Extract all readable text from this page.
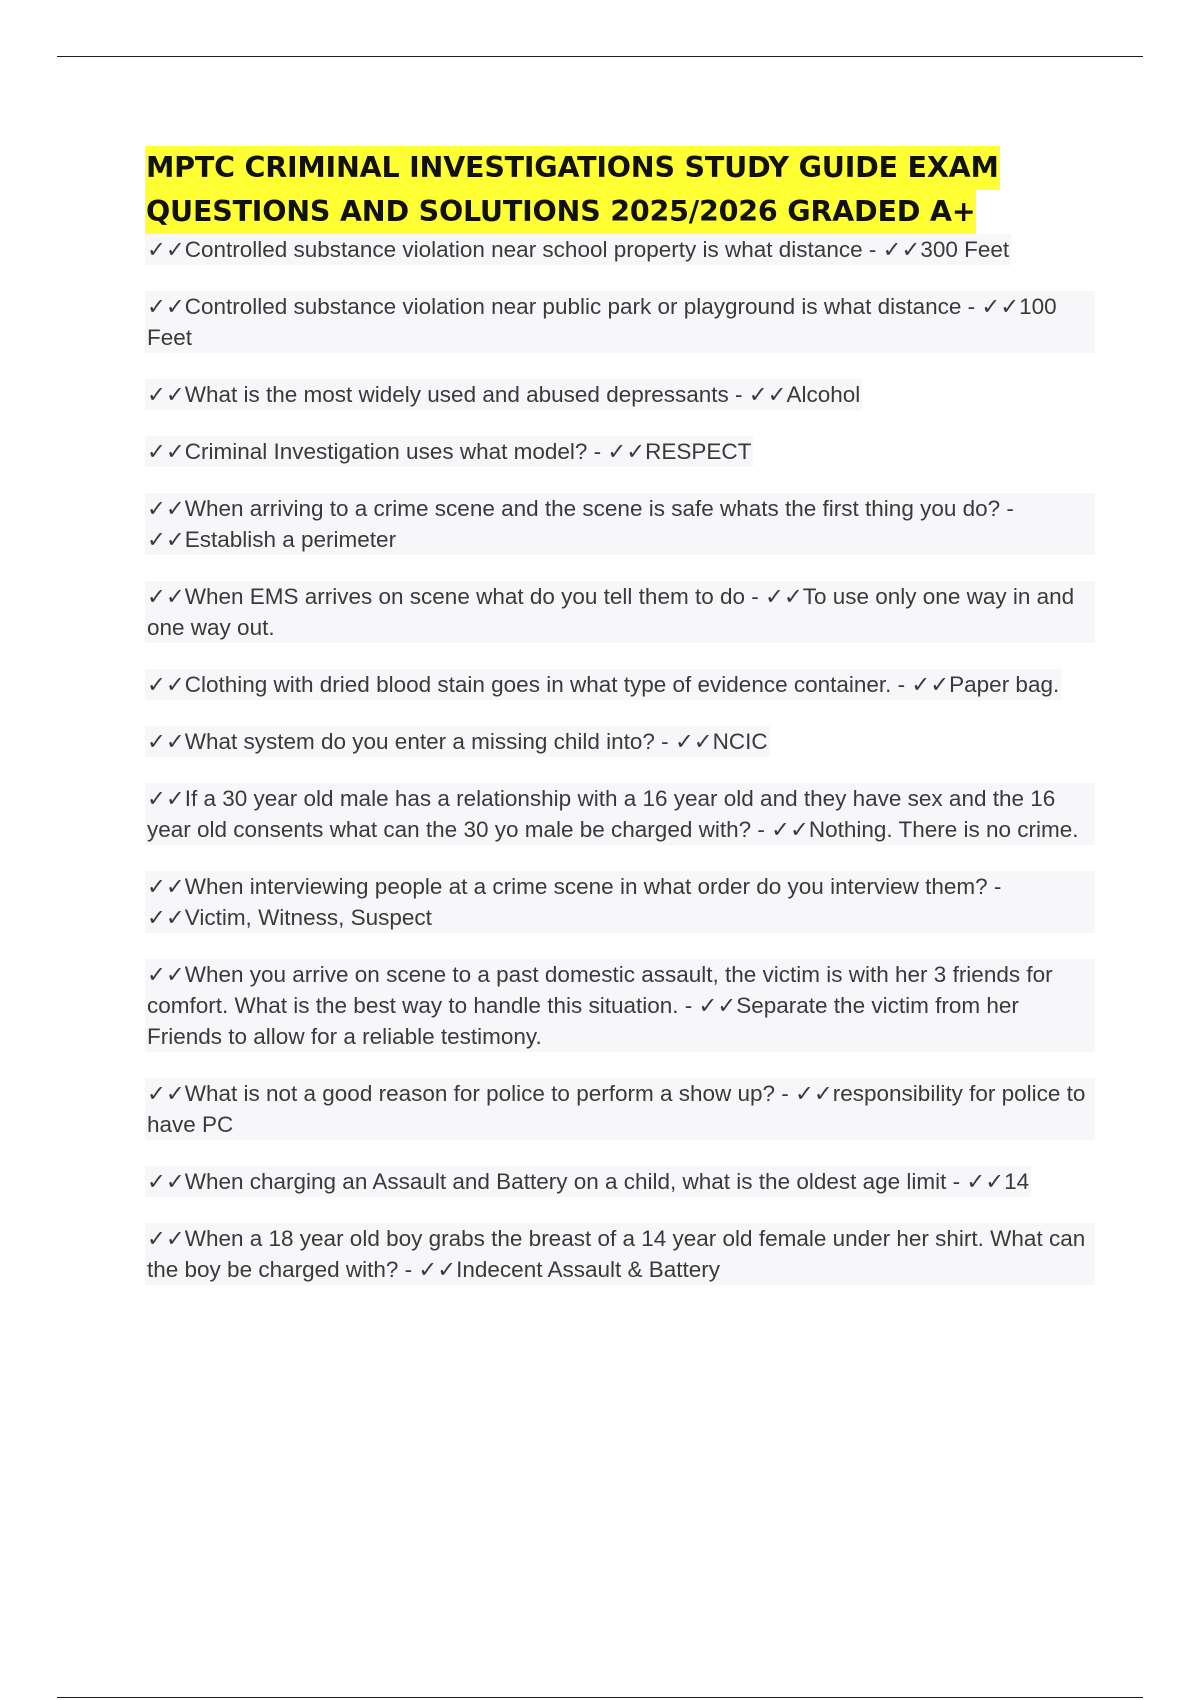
MPTC CRIMINAL INVESTIGATIONS STUDY GUIDE EXAM
QUESTIONS AND SOLUTIONS 2025/2026 GRADED A+
✓✓Controlled substance violation near school property is what distance - ✓✓300 Feet
✓✓Controlled substance violation near public park or playground is what distance - ✓✓100 Feet
✓✓What is the most widely used and abused depressants - ✓✓Alcohol
✓✓Criminal Investigation uses what model? - ✓✓RESPECT
✓✓When arriving to a crime scene and the scene is safe whats the first thing you do? - ✓✓Establish a perimeter
✓✓When EMS arrives on scene what do you tell them to do - ✓✓To use only one way in and one way out.
✓✓Clothing with dried blood stain goes in what type of evidence container. - ✓✓Paper bag.
✓✓What system do you enter a missing child into? - ✓✓NCIC
✓✓If a 30 year old male has a relationship with a 16 year old and they have sex and the 16 year old consents what can the 30 yo male be charged with? - ✓✓Nothing. There is no crime.
✓✓When interviewing people at a crime scene in what order do you interview them? - ✓✓Victim, Witness, Suspect
✓✓When you arrive on scene to a past domestic assault, the victim is with her 3 friends for comfort. What is the best way to handle this situation. - ✓✓Separate the victim from her Friends to allow for a reliable testimony.
✓✓What is not a good reason for police to perform a show up? - ✓✓responsibility for police to have PC
✓✓When charging an Assault and Battery on a child, what is the oldest age limit - ✓✓14
✓✓When a 18 year old boy grabs the breast of a 14 year old female under her shirt. What can the boy be charged with? - ✓✓Indecent Assault & Battery
